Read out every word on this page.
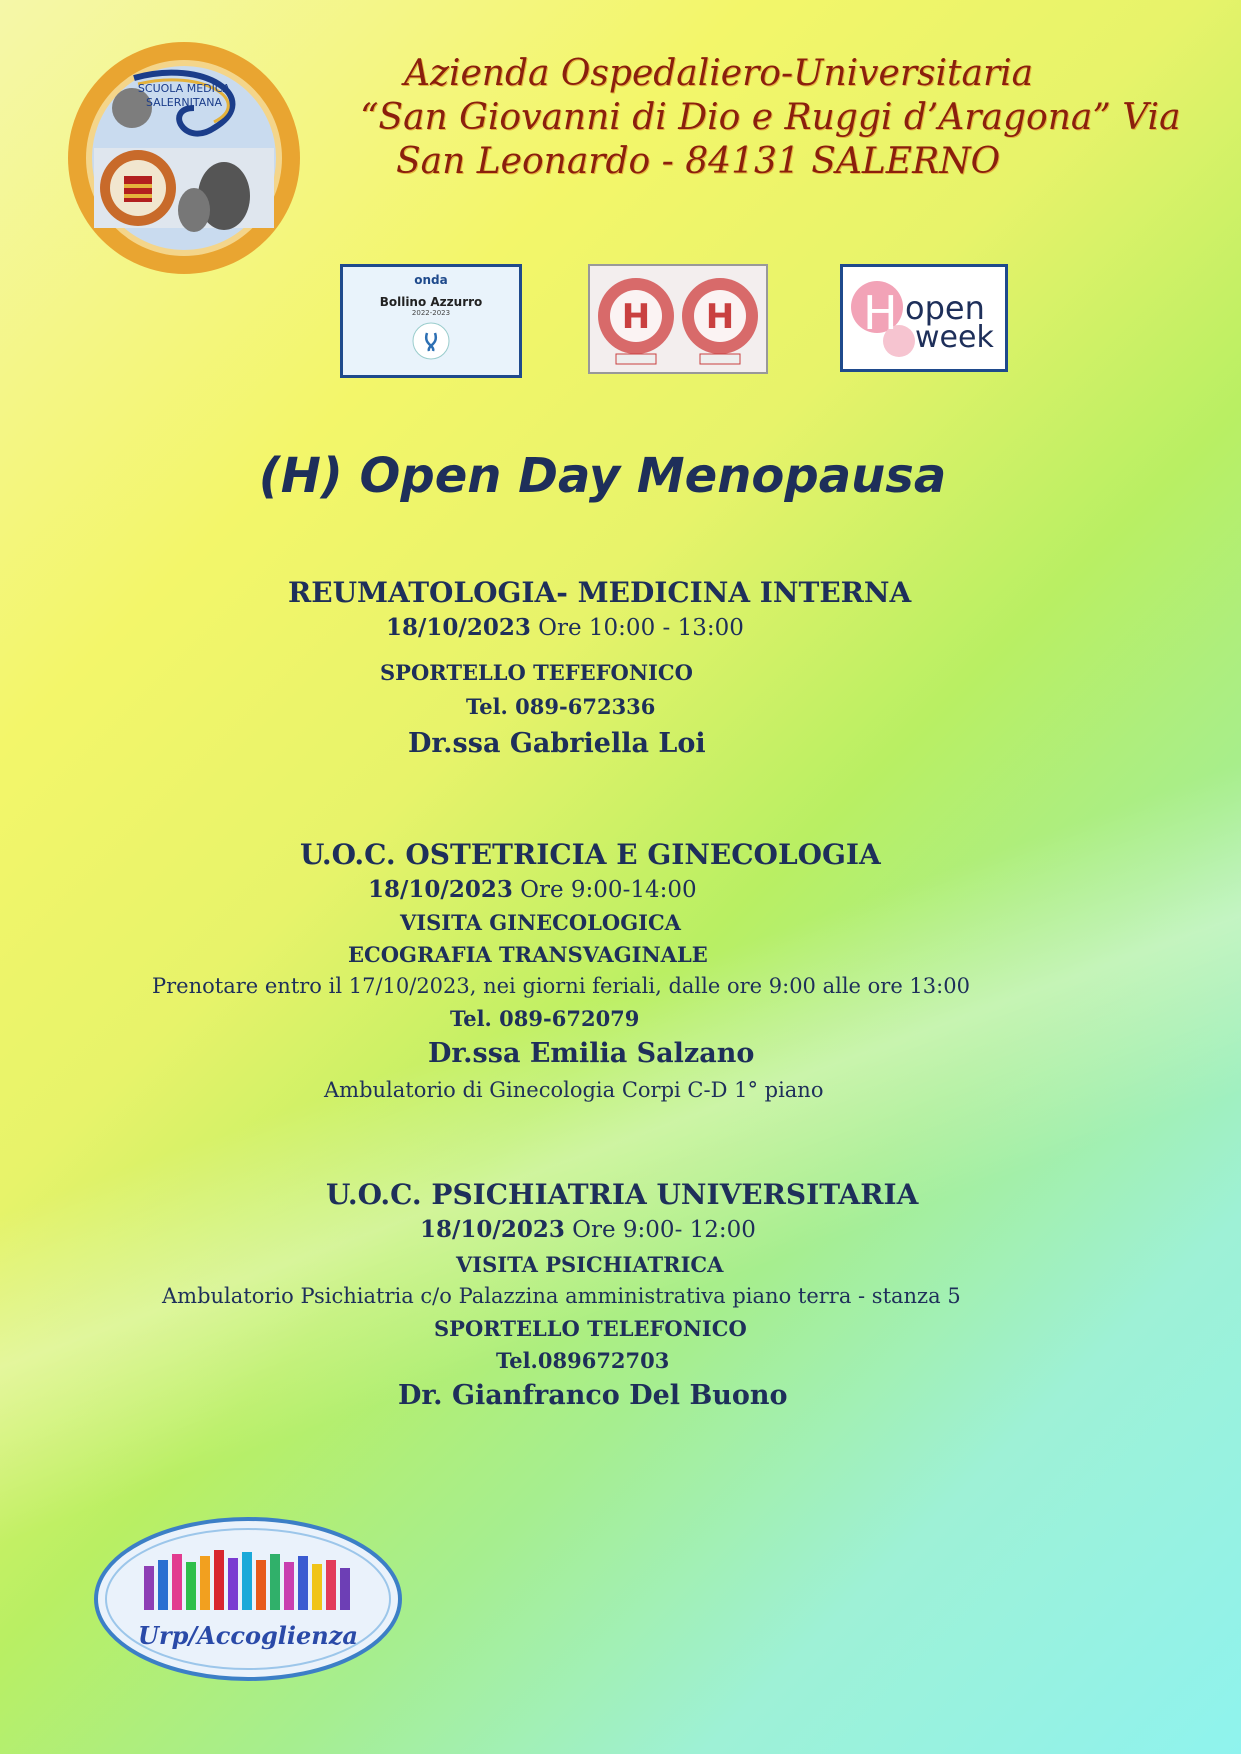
SCUOLA MEDICA
SALERNITANA
Azienda Ospedaliero-Universitaria
“San Giovanni di Dio e Ruggi d’Aragona” Via
San Leonardo - 84131 SALERNO
onda
Bollino Azzurro
2022-2023	H H	H open
week
(H) Open Day Menopausa
REUMATOLOGIA- MEDICINA INTERNA
18/10/2023 Ore 10:00 - 13:00
SPORTELLO TEFEFONICO
Tel. 089-672336
Dr.ssa Gabriella Loi
U.O.C. OSTETRICIA E GINECOLOGIA
18/10/2023 Ore 9:00-14:00
VISITA GINECOLOGICA
ECOGRAFIA TRANSVAGINALE
Prenotare entro il 17/10/2023, nei giorni feriali, dalle ore 9:00 alle ore 13:00
Tel. 089-672079
Dr.ssa Emilia Salzano
Ambulatorio di Ginecologia Corpi C-D 1° piano
U.O.C. PSICHIATRIA UNIVERSITARIA
18/10/2023 Ore 9:00- 12:00
VISITA PSICHIATRICA
Ambulatorio Psichiatria c/o Palazzina amministrativa piano terra - stanza 5
SPORTELLO TELEFONICO
Tel.089672703
Dr. Gianfranco Del Buono
Urp/Accoglienza
